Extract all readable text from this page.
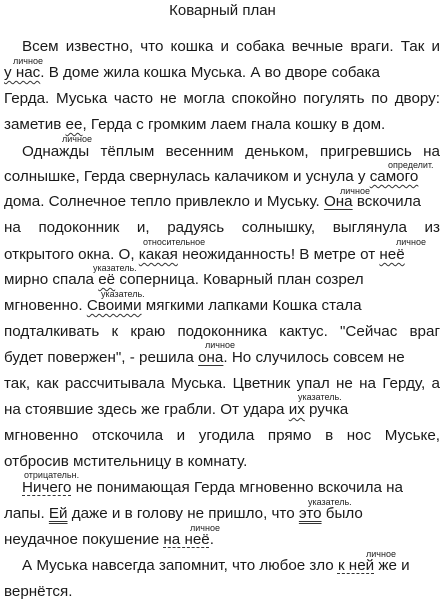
Коварный план
Всем известно, что кошка и собака вечные враги. Так и
личное
у нас. В доме жила кошка Муська. А во дворе собака
Герда. Муська часто не могла спокойно погулять по двору:
личное
заметив ее, Герда с громким лаем гнала кошку в дом.
Однажды тёплым весенним деньком, пригревшись на
определит.
солнышке, Герда свернулась калачиком и уснула у самого
личное
дома. Солнечное тепло привлекло и Муську. Она вскочила
на подоконник и, радуясь солнышку, выглянула из
относительное	личное
открытого окна. О, какая неожиданность! В метре от неё
указатель.
мирно спала её соперница. Коварный план созрел
указатель.
мгновенно. Своими мягкими лапками Кошка стала
подталкивать к краю подоконника кактус. "Сейчас враг
личное
будет повержен", - решила она. Но случилось совсем не
так, как рассчитывала Муська. Цветник упал не на Герду, а
указатель.
на стоявшие здесь же грабли. От удара их ручка
мгновенно отскочила и угодила прямо в нос Муське,
отбросив мстительницу в комнату.
отрицательн.
Ничего не понимающая Герда мгновенно вскочила на
указатель.
лапы. Ей даже и в голову не пришло, что это было
личное
неудачное покушение на неё.
личное
А Муська навсегда запомнит, что любое зло к ней же и
вернётся.
